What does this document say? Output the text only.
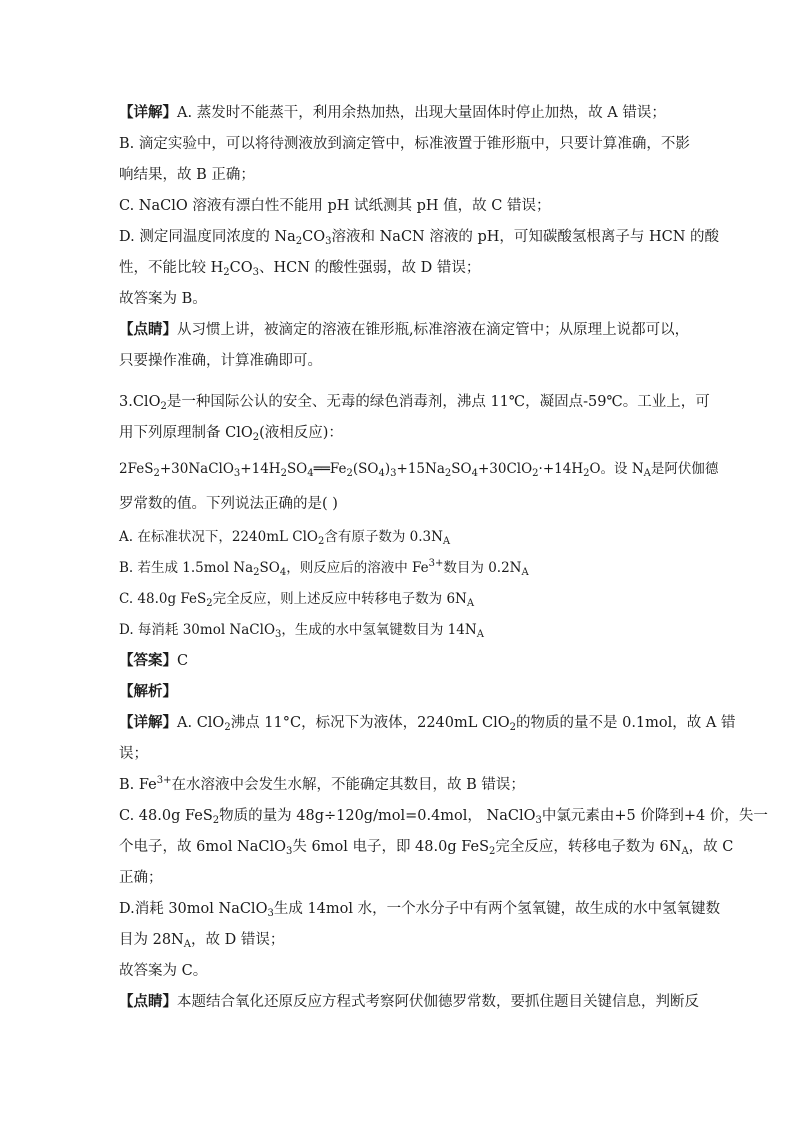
【详解】A. 蒸发时不能蒸干，利用余热加热，出现大量固体时停止加热，故 A 错误；
B. 滴定实验中，可以将待测液放到滴定管中，标准液置于锥形瓶中，只要计算准确，不影
响结果，故 B 正确；
C. NaClO 溶液有漂白性不能用 pH 试纸测其 pH 值，故 C 错误；
D. 测定同温度同浓度的 $Na_2CO_3$溶液和 NaCN 溶液的 pH，可知碳酸氢根离子与 HCN 的酸
性，不能比较 $H_2CO_3$、HCN 的酸性强弱，故 D 错误；
故答案为 B。
【点睛】从习惯上讲，被滴定的溶液在锥形瓶,标准溶液在滴定管中；从原理上说都可以，
只要操作准确，计算准确即可。
3.ClO$_2$是一种国际公认的安全、无毒的绿色消毒剂，沸点 11℃，凝固点-59℃。工业上，可
用下列原理制备 ClO$_2$(液相反应)：
$2FeS_2+30NaClO_3+14H_2SO_4══Fe_2(SO_4)_3+15Na_2SO_4+30ClO_2\cdot+14H_2O$。设 $N_A$是阿伏伽德
罗常数的值。下列说法正确的是( )
A. 在标准状况下，2240mL ClO$_2$含有原子数为 $0.3N_A$
B. 若生成 1.5mol $Na_2SO_4$，则反应后的溶液中 $Fe^{3+}$数目为 $0.2N_A$
C. 48.0g FeS$_2$完全反应，则上述反应中转移电子数为 $6N_A$
D. 每消耗 30mol NaClO$_3$，生成的水中氢氧键数目为 $14N_A$
【答案】C
【解析】
【详解】A. ClO$_2$沸点 11°C，标况下为液体，2240mL ClO$_2$的物质的量不是 0.1mol，故 A 错
误；
B. $Fe^{3+}$在水溶液中会发生水解，不能确定其数目，故 B 错误；
C. 48.0g FeS$_2$物质的量为 48g÷120g/mol=0.4mol， NaClO$_3$中氯元素由+5 价降到+4 价，失一
个电子，故 6mol NaClO$_3$失 6mol 电子，即 48.0g FeS$_2$完全反应，转移电子数为 $6N_A$，故 C
正确；
D.消耗 30mol NaClO$_3$生成 14mol 水，一个水分子中有两个氢氧键，故生成的水中氢氧键数
目为 $28N_A$，故 D 错误；
故答案为 C。
【点睛】本题结合氧化还原反应方程式考察阿伏伽德罗常数，要抓住题目关键信息，判断反
